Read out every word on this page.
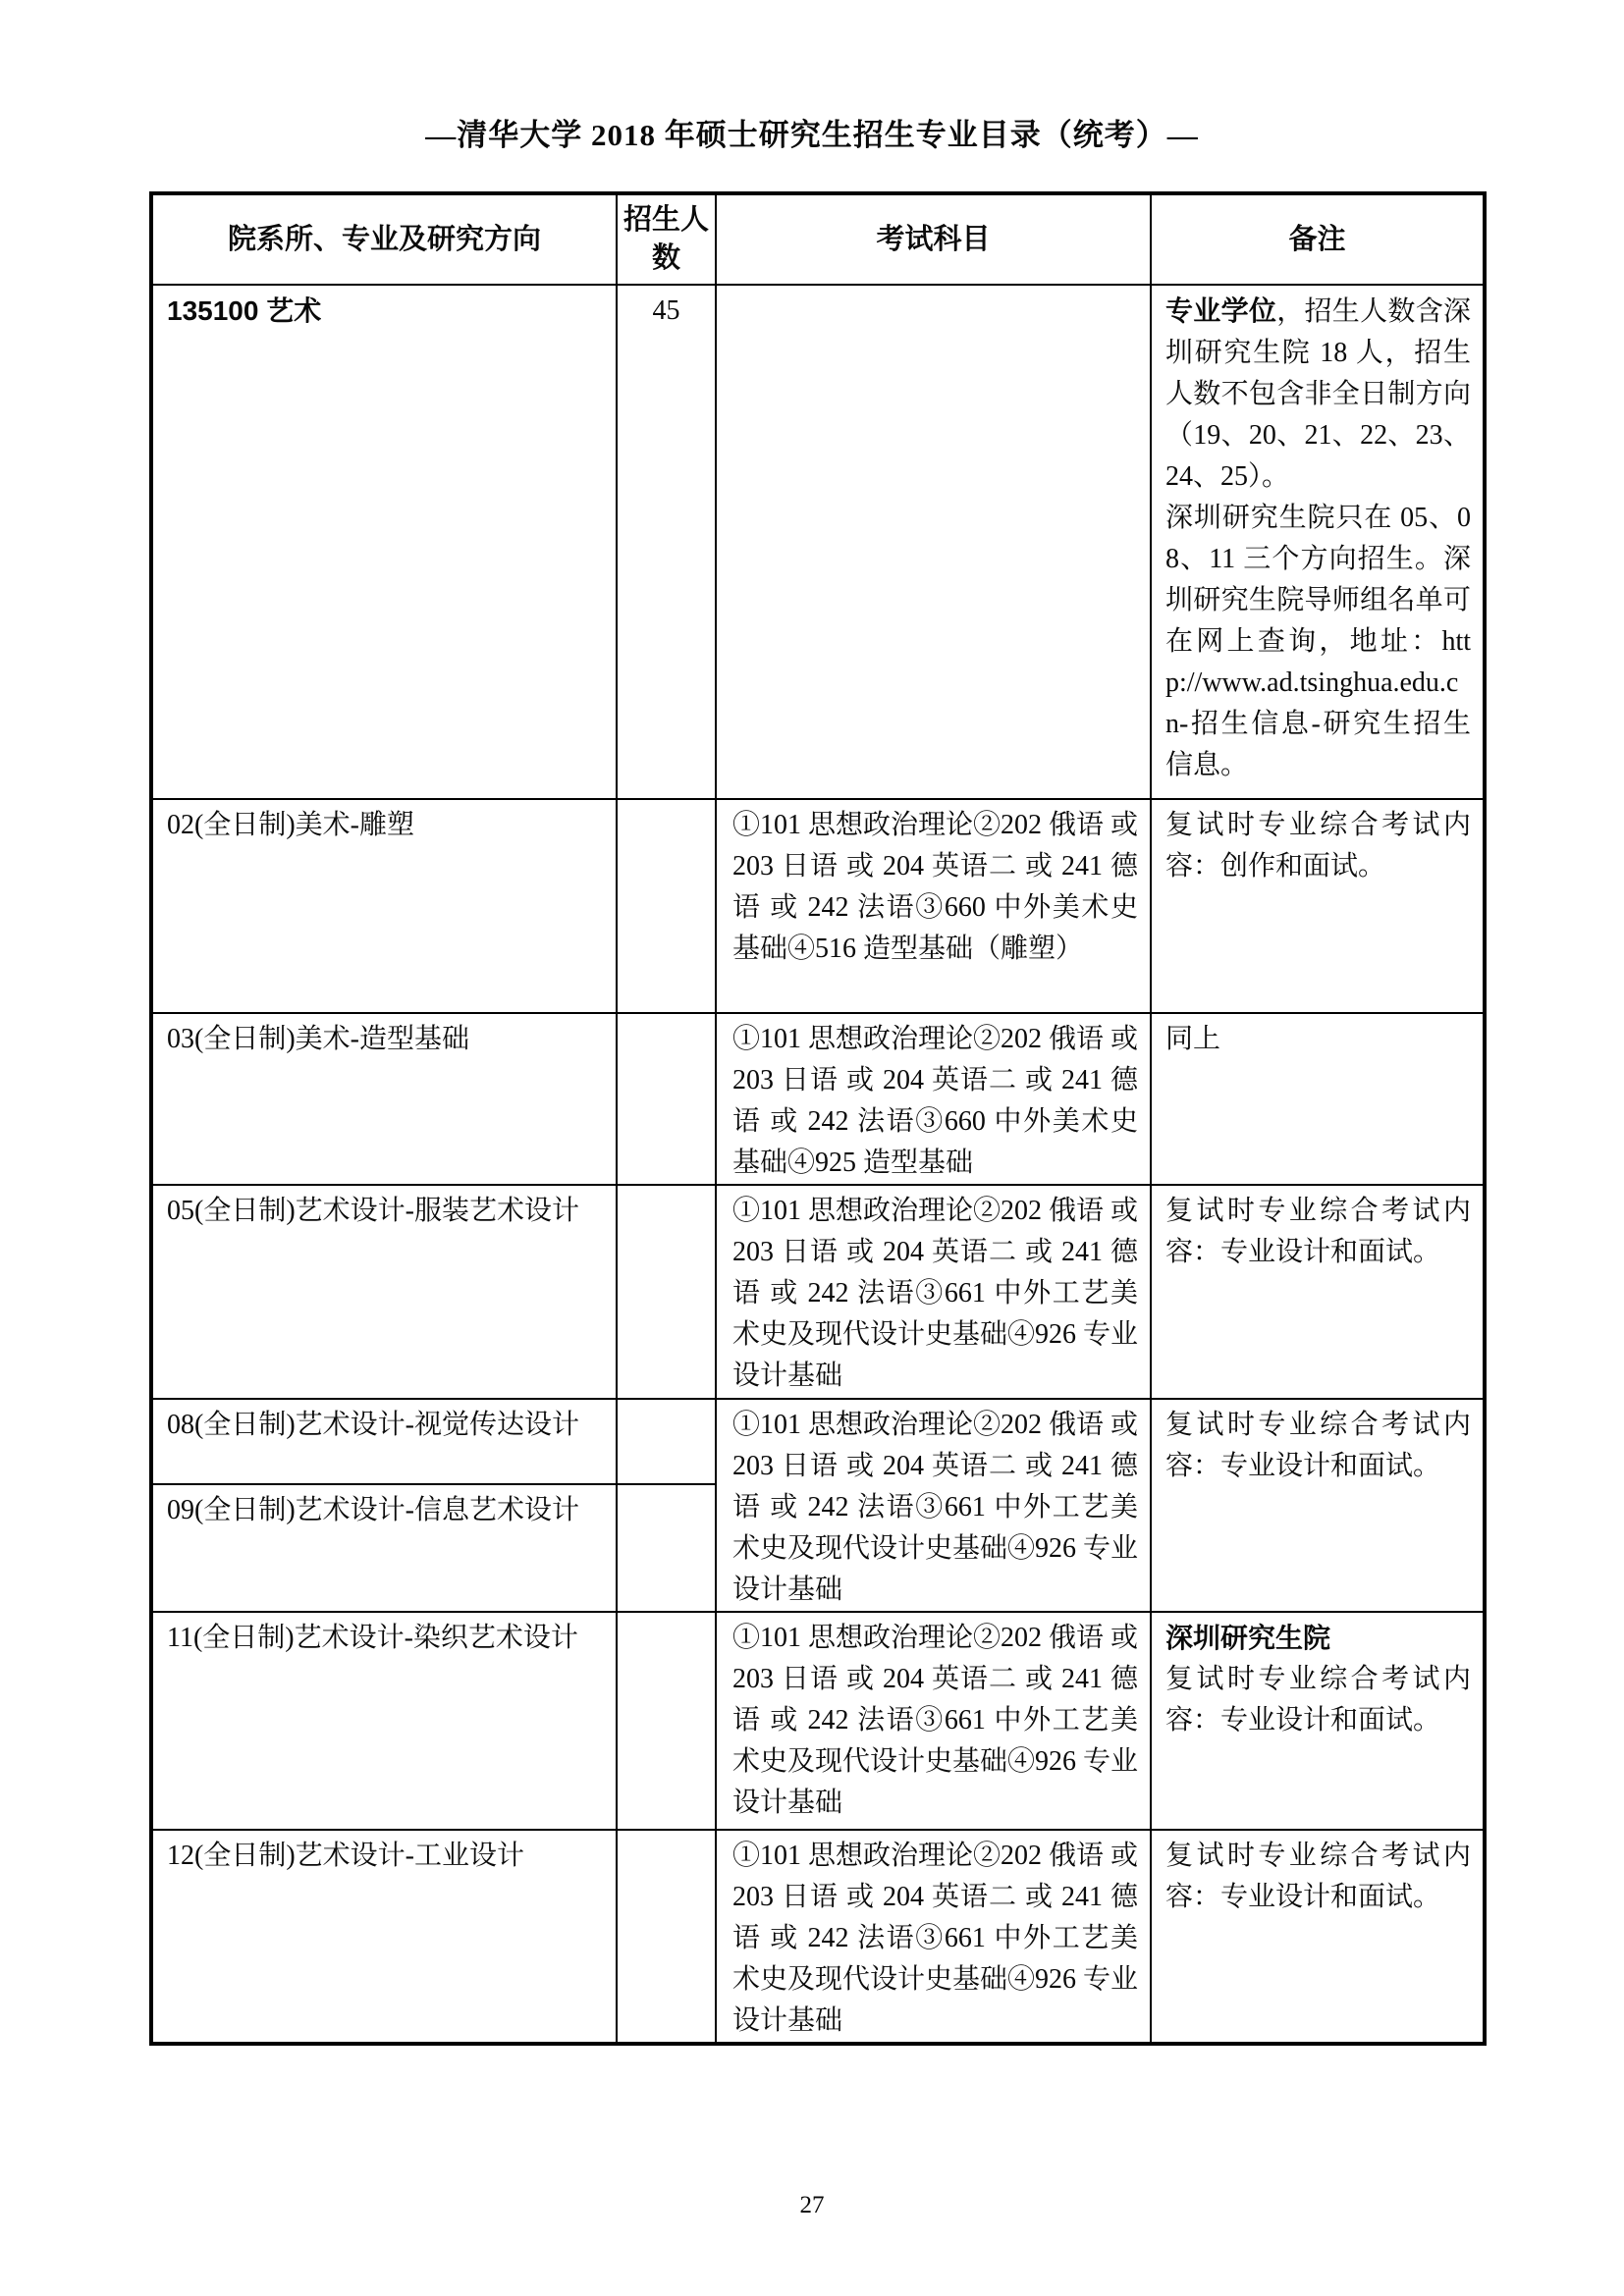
—清华大学 2018 年硕士研究生招生专业目录（统考）—
院系所、专业及研究方向	招生人数	考试科目	备注
135100 艺术	45		专业学位，招生人数含深圳研究生院 18 人，招生人数不包含非全日制方向（19、20、21、22、23、24、25）。
深圳研究生院只在 05、08、11 三个方向招生。深圳研究生院导师组名单可在网上查询，地址：http://www.ad.tsinghua.edu.cn-招生信息-研究生招生信息。

02(全日制)美术-雕塑		①101 思想政治理论②202 俄语 或 203 日语 或 204 英语二 或 241 德语 或 242 法语③660 中外美术史基础④516 造型基础（雕塑）	复试时专业综合考试内容：创作和面试。
03(全日制)美术-造型基础		①101 思想政治理论②202 俄语 或 203 日语 或 204 英语二 或 241 德语 或 242 法语③660 中外美术史基础④925 造型基础	同上
05(全日制)艺术设计-服装艺术设计		①101 思想政治理论②202 俄语 或 203 日语 或 204 英语二 或 241 德语 或 242 法语③661 中外工艺美术史及现代设计史基础④926 专业设计基础	复试时专业综合考试内容：专业设计和面试。
08(全日制)艺术设计-视觉传达设计		①101 思想政治理论②202 俄语 或 203 日语 或 204 英语二 或 241 德语 或 242 法语③661 中外工艺美术史及现代设计史基础④926 专业设计基础	复试时专业综合考试内容：专业设计和面试。
09(全日制)艺术设计-信息艺术设计			
11(全日制)艺术设计-染织艺术设计		①101 思想政治理论②202 俄语 或 203 日语 或 204 英语二 或 241 德语 或 242 法语③661 中外工艺美术史及现代设计史基础④926 专业设计基础	深圳研究生院
复试时专业综合考试内容：专业设计和面试。

12(全日制)艺术设计-工业设计		①101 思想政治理论②202 俄语 或 203 日语 或 204 英语二 或 241 德语 或 242 法语③661 中外工艺美术史及现代设计史基础④926 专业设计基础	复试时专业综合考试内容：专业设计和面试。
27
